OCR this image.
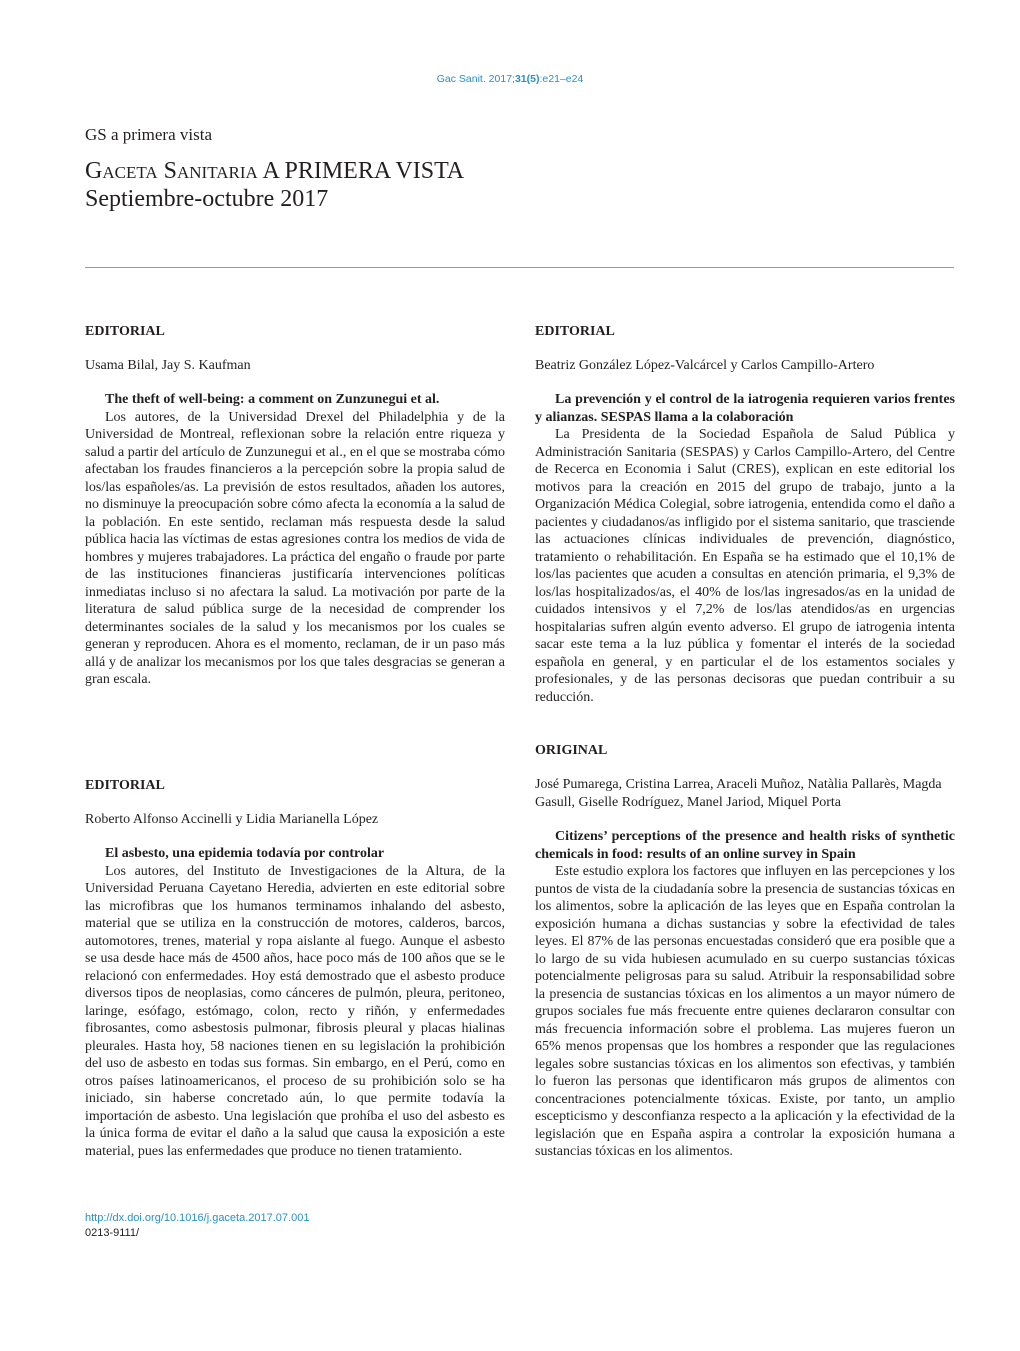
Gac Sanit. 2017;31(5):e21–e24
GS a primera vista
Gaceta Sanitaria A PRIMERA VISTA
Septiembre-octubre 2017
EDITORIAL
Usama Bilal, Jay S. Kaufman
The theft of well-being: a comment on Zunzunegui et al.

Los autores, de la Universidad Drexel del Philadelphia y de la Universidad de Montreal, reflexionan sobre la relación entre riqueza y salud a partir del artículo de Zunzunegui et al., en el que se mostraba cómo afectaban los fraudes financieros a la percepción sobre la propia salud de los/las españoles/as. La previsión de estos resultados, añaden los autores, no disminuye la preocupación sobre cómo afecta la economía a la salud de la población. En este sentido, reclaman más respuesta desde la salud pública hacia las víctimas de estas agresiones contra los medios de vida de hombres y mujeres trabajadores. La práctica del engaño o fraude por parte de las instituciones financieras justificaría intervenciones políticas inmediatas incluso si no afectara la salud. La motivación por parte de la literatura de salud pública surge de la necesidad de comprender los determinantes sociales de la salud y los mecanismos por los cuales se generan y reproducen. Ahora es el momento, reclaman, de ir un paso más allá y de analizar los mecanismos por los que tales desgracias se generan a gran escala.

EDITORIAL
Roberto Alfonso Accinelli y Lidia Marianella López
El asbesto, una epidemia todavía por controlar

Los autores, del Instituto de Investigaciones de la Altura, de la Universidad Peruana Cayetano Heredia, advierten en este editorial sobre las microfibras que los humanos terminamos inhalando del asbesto, material que se utiliza en la construcción de motores, calderos, barcos, automotores, trenes, material y ropa aislante al fuego. Aunque el asbesto se usa desde hace más de 4500 años, hace poco más de 100 años que se le relacionó con enfermedades. Hoy está demostrado que el asbesto produce diversos tipos de neoplasias, como cánceres de pulmón, pleura, peritoneo, laringe, esófago, estómago, colon, recto y riñón, y enfermedades fibrosantes, como asbestosis pulmonar, fibrosis pleural y placas hialinas pleurales. Hasta hoy, 58 naciones tienen en su legislación la prohibición del uso de asbesto en todas sus formas. Sin embargo, en el Perú, como en otros países latinoamericanos, el proceso de su prohibición solo se ha iniciado, sin haberse concretado aún, lo que permite todavía la importación de asbesto. Una legislación que prohíba el uso del asbesto es la única forma de evitar el daño a la salud que causa la exposición a este material, pues las enfermedades que produce no tienen tratamiento.

EDITORIAL
Beatriz González López-Valcárcel y Carlos Campillo-Artero
La prevención y el control de la iatrogenia requieren varios frentes y alianzas. SESPAS llama a la colaboración

La Presidenta de la Sociedad Española de Salud Pública y Administración Sanitaria (SESPAS) y Carlos Campillo-Artero, del Centre de Recerca en Economia i Salut (CRES), explican en este editorial los motivos para la creación en 2015 del grupo de trabajo, junto a la Organización Médica Colegial, sobre iatrogenia, entendida como el daño a pacientes y ciudadanos/as infligido por el sistema sanitario, que trasciende las actuaciones clínicas individuales de prevención, diagnóstico, tratamiento o rehabilitación. En España se ha estimado que el 10,1% de los/las pacientes que acuden a consultas en atención primaria, el 9,3% de los/las hospitalizados/as, el 40% de los/las ingresados/as en la unidad de cuidados intensivos y el 7,2% de los/las atendidos/as en urgencias hospitalarias sufren algún evento adverso. El grupo de iatrogenia intenta sacar este tema a la luz pública y fomentar el interés de la sociedad española en general, y en particular el de los estamentos sociales y profesionales, y de las personas decisoras que puedan contribuir a su reducción.

ORIGINAL
José Pumarega, Cristina Larrea, Araceli Muñoz, Natàlia Pallarès, Magda Gasull, Giselle Rodríguez, Manel Jariod, Miquel Porta
Citizens’ perceptions of the presence and health risks of synthetic chemicals in food: results of an online survey in Spain

Este estudio explora los factores que influyen en las percepciones y los puntos de vista de la ciudadanía sobre la presencia de sustancias tóxicas en los alimentos, sobre la aplicación de las leyes que en España controlan la exposición humana a dichas sustancias y sobre la efectividad de tales leyes. El 87% de las personas encuestadas consideró que era posible que a lo largo de su vida hubiesen acumulado en su cuerpo sustancias tóxicas potencialmente peligrosas para su salud. Atribuir la responsabilidad sobre la presencia de sustancias tóxicas en los alimentos a un mayor número de grupos sociales fue más frecuente entre quienes declararon consultar con más frecuencia información sobre el problema. Las mujeres fueron un 65% menos propensas que los hombres a responder que las regulaciones legales sobre sustancias tóxicas en los alimentos son efectivas, y también lo fueron las personas que identificaron más grupos de alimentos con concentraciones potencialmente tóxicas. Existe, por tanto, un amplio escepticismo y desconfianza respecto a la aplicación y la efectividad de la legislación que en España aspira a controlar la exposición humana a sustancias tóxicas en los alimentos.

http://dx.doi.org/10.1016/j.gaceta.2017.07.001
0213-9111/
